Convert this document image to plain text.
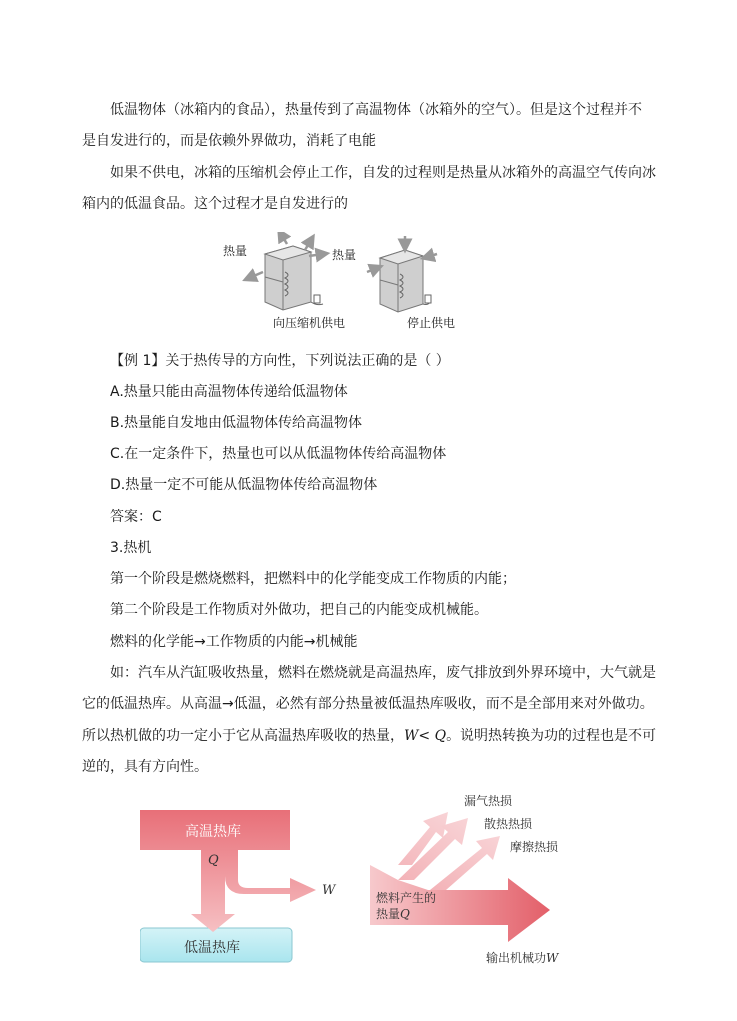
低温物体（冰箱内的食品），热量传到了高温物体（冰箱外的空气）。但是这个过程并不
是自发进行的，而是依赖外界做功，消耗了电能
如果不供电，冰箱的压缩机会停止工作，自发的过程则是热量从冰箱外的高温空气传向冰
箱内的低温食品。这个过程才是自发进行的
热量	热量
向压缩机供电	停止供电
【例 1】关于热传导的方向性，下列说法正确的是（ ）
A.热量只能由高温物体传递给低温物体
B.热量能自发地由低温物体传给高温物体
C.在一定条件下，热量也可以从低温物体传给高温物体
D.热量一定不可能从低温物体传给高温物体
答案：C
3.热机
第一个阶段是燃烧燃料，把燃料中的化学能变成工作物质的内能；
第二个阶段是工作物质对外做功，把自己的内能变成机械能。
燃料的化学能→工作物质的内能→机械能
如：汽车从汽缸吸收热量，燃料在燃烧就是高温热库，废气排放到外界环境中，大气就是
它的低温热库。从高温→低温，必然有部分热量被低温热库吸收，而不是全部用来对外做功。
所以热机做的功一定小于它从高温热库吸收的热量，W< Q。说明热转换为功的过程也是不可
逆的，具有方向性。
高温热库
Q
W
低温热库
漏气热损
散热热损
摩擦热损
燃料产生的
热量Q
输出机械功W
